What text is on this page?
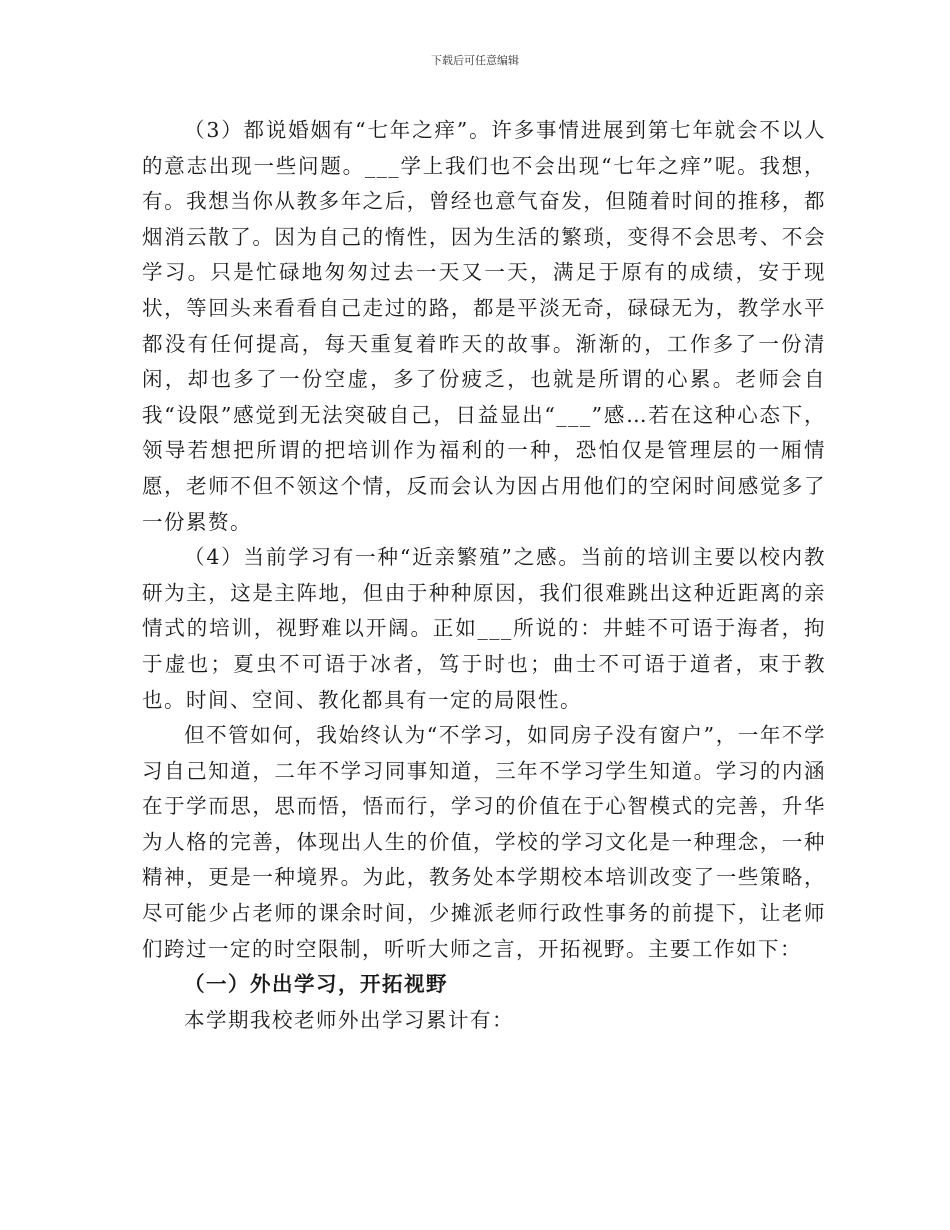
下载后可任意编辑

（3）都说婚姻有“七年之痒”。许多事情进展到第七年就会不以人的意志出现一些问题。___学上我们也不会出现“七年之痒”呢。我想，有。我想当你从教多年之后，曾经也意气奋发，但随着时间的推移，都烟消云散了。因为自己的惰性，因为生活的繁琐，变得不会思考、不会学习。只是忙碌地匆匆过去一天又一天，满足于原有的成绩，安于现状，等回头来看看自己走过的路，都是平淡无奇，碌碌无为，教学水平都没有任何提高，每天重复着昨天的故事。渐渐的，工作多了一份清闲，却也多了一份空虚，多了份疲乏，也就是所谓的心累。老师会自我“设限”感觉到无法突破自己，日益显出“___”感…若在这种心态下，领导若想把所谓的把培训作为福利的一种，恐怕仅是管理层的一厢情愿，老师不但不领这个情，反而会认为因占用他们的空闲时间感觉多了一份累赘。

（4）当前学习有一种“近亲繁殖”之感。当前的培训主要以校内教研为主，这是主阵地，但由于种种原因，我们很难跳出这种近距离的亲情式的培训，视野难以开阔。正如___所说的：井蛙不可语于海者，拘于虚也；夏虫不可语于冰者，笃于时也；曲士不可语于道者，束于教也。时间、空间、教化都具有一定的局限性。

但不管如何，我始终认为“不学习，如同房子没有窗户”，一年不学习自己知道，二年不学习同事知道，三年不学习学生知道。学习的内涵在于学而思，思而悟，悟而行，学习的价值在于心智模式的完善，升华为人格的完善，体现出人生的价值，学校的学习文化是一种理念，一种精神，更是一种境界。为此，教务处本学期校本培训改变了一些策略，尽可能少占老师的课余时间，少摊派老师行政性事务的前提下，让老师们跨过一定的时空限制，听听大师之言，开拓视野。主要工作如下：

（一）外出学习，开拓视野

本学期我校老师外出学习累计有：
